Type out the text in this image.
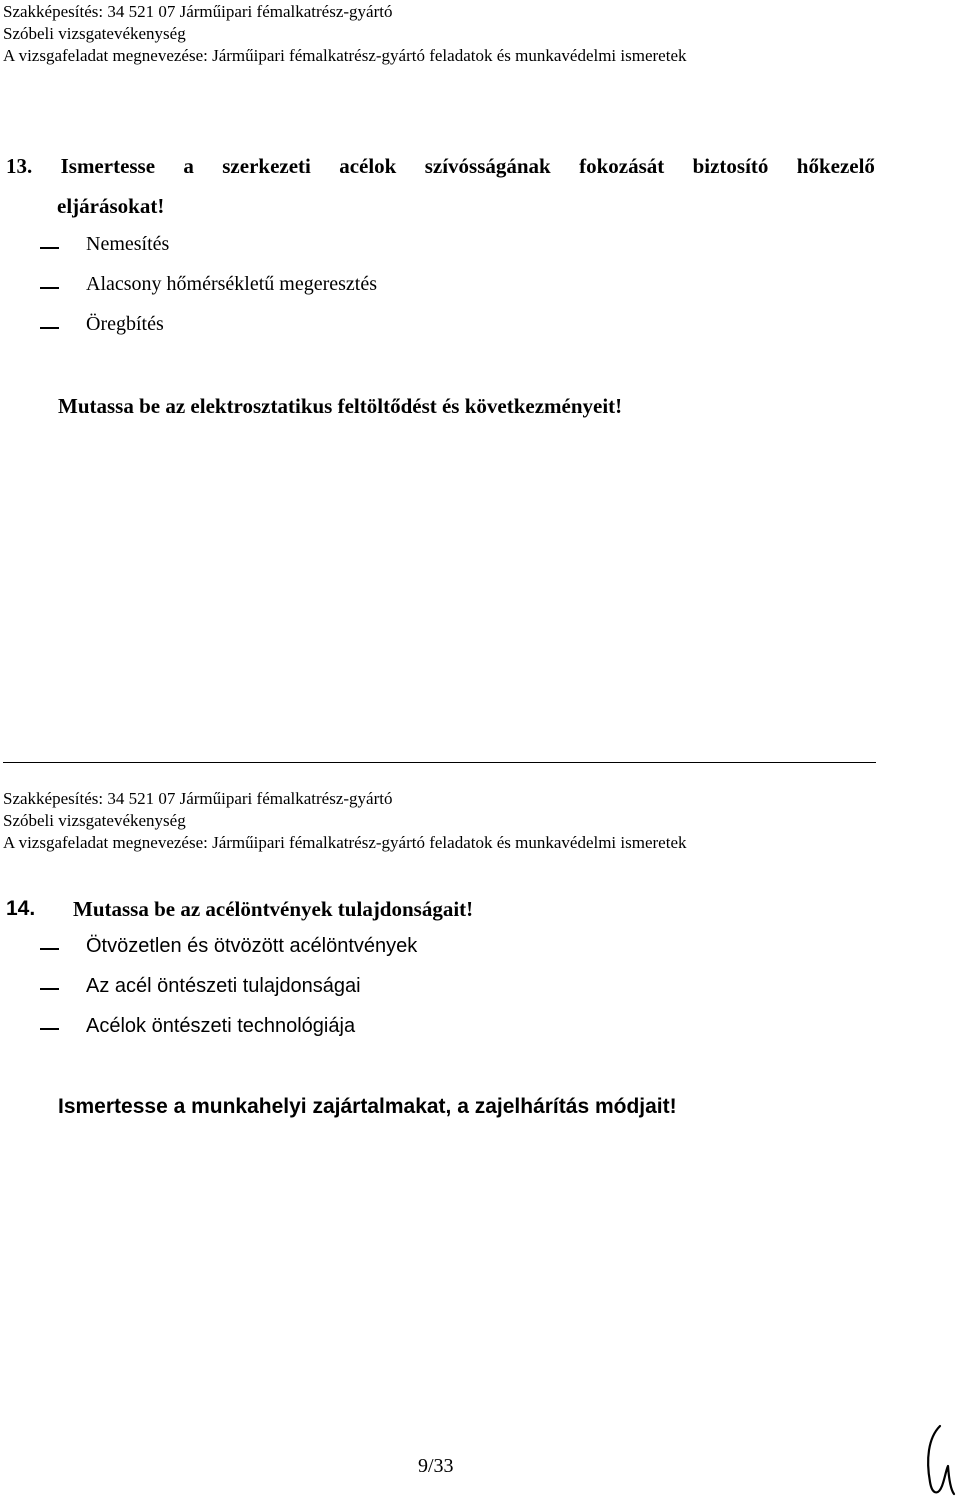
Szakképesítés: 34 521 07 Járműipari fémalkatrész-gyártó
Szóbeli vizsgatevékenység
A vizsgafeladat megnevezése: Járműipari fémalkatrész-gyártó feladatok és munkavédelmi ismeretek
13. Ismertesse a szerkezeti acélok szívósságának fokozását biztosító hőkezelő
eljárásokat!
Nemesítés
Alacsony hőmérsékletű megeresztés
Öregbítés
Mutassa be az elektrosztatikus feltöltődést és következményeit!
Szakképesítés: 34 521 07 Járműipari fémalkatrész-gyártó
Szóbeli vizsgatevékenység
A vizsgafeladat megnevezése: Járműipari fémalkatrész-gyártó feladatok és munkavédelmi ismeretek
14. Mutassa be az acélöntvények tulajdonságait!
Ötvözetlen és ötvözött acélöntvények
Az acél öntészeti tulajdonságai
Acélok öntészeti technológiája
Ismertesse a munkahelyi zajártalmakat, a zajelhárítás módjait!
9/33
